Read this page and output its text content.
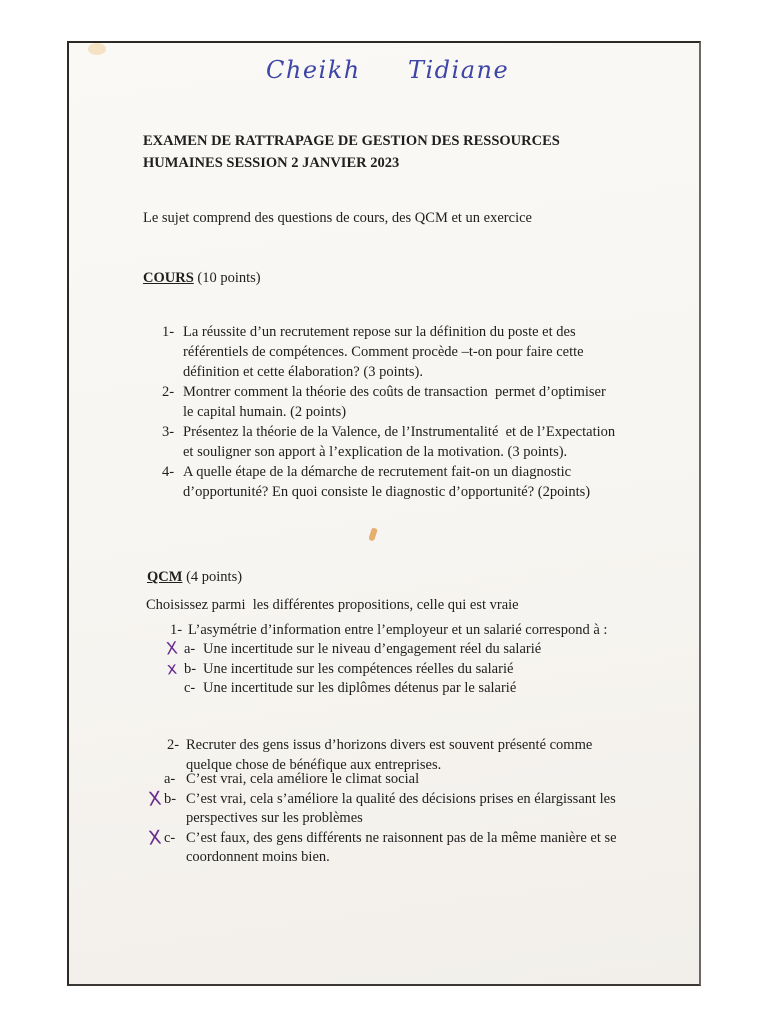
Cheikh Tidiane
EXAMEN DE RATTRAPAGE DE GESTION DES RESSOURCES
HUMAINES SESSION 2 JANVIER 2023
Le sujet comprend des questions de cours, des QCM et un exercice
COURS (10 points)
1- La réussite d’un recrutement repose sur la définition du poste et des
référentiels de compétences. Comment procède –t-on pour faire cette
définition et cette élaboration? (3 points).
2- Montrer comment la théorie des coûts de transaction  permet d’optimiser
le capital humain. (2 points)
3- Présentez la théorie de la Valence, de l’Instrumentalité  et de l’Expectation
et souligner son apport à l’explication de la motivation. (3 points).
4- A quelle étape de la démarche de recrutement fait-on un diagnostic
d’opportunité? En quoi consiste le diagnostic d’opportunité? (2points)
QCM (4 points)
Choisissez parmi  les différentes propositions, celle qui est vraie
1- L’asymétrie d’information entre l’employeur et un salarié correspond à :
X a- Une incertitude sur le niveau d’engagement réel du salarié
x b- Une incertitude sur les compétences réelles du salarié
c- Une incertitude sur les diplômes détenus par le salarié
2- Recruter des gens issus d’horizons divers est souvent présenté comme
quelque chose de bénéfique aux entreprises.
a- C’est vrai, cela améliore le climat social
X b- C’est vrai, cela s’améliore la qualité des décisions prises en élargissant les
perspectives sur les problèmes
X c- C’est faux, des gens différents ne raisonnent pas de la même manière et se
coordonnent moins bien.
